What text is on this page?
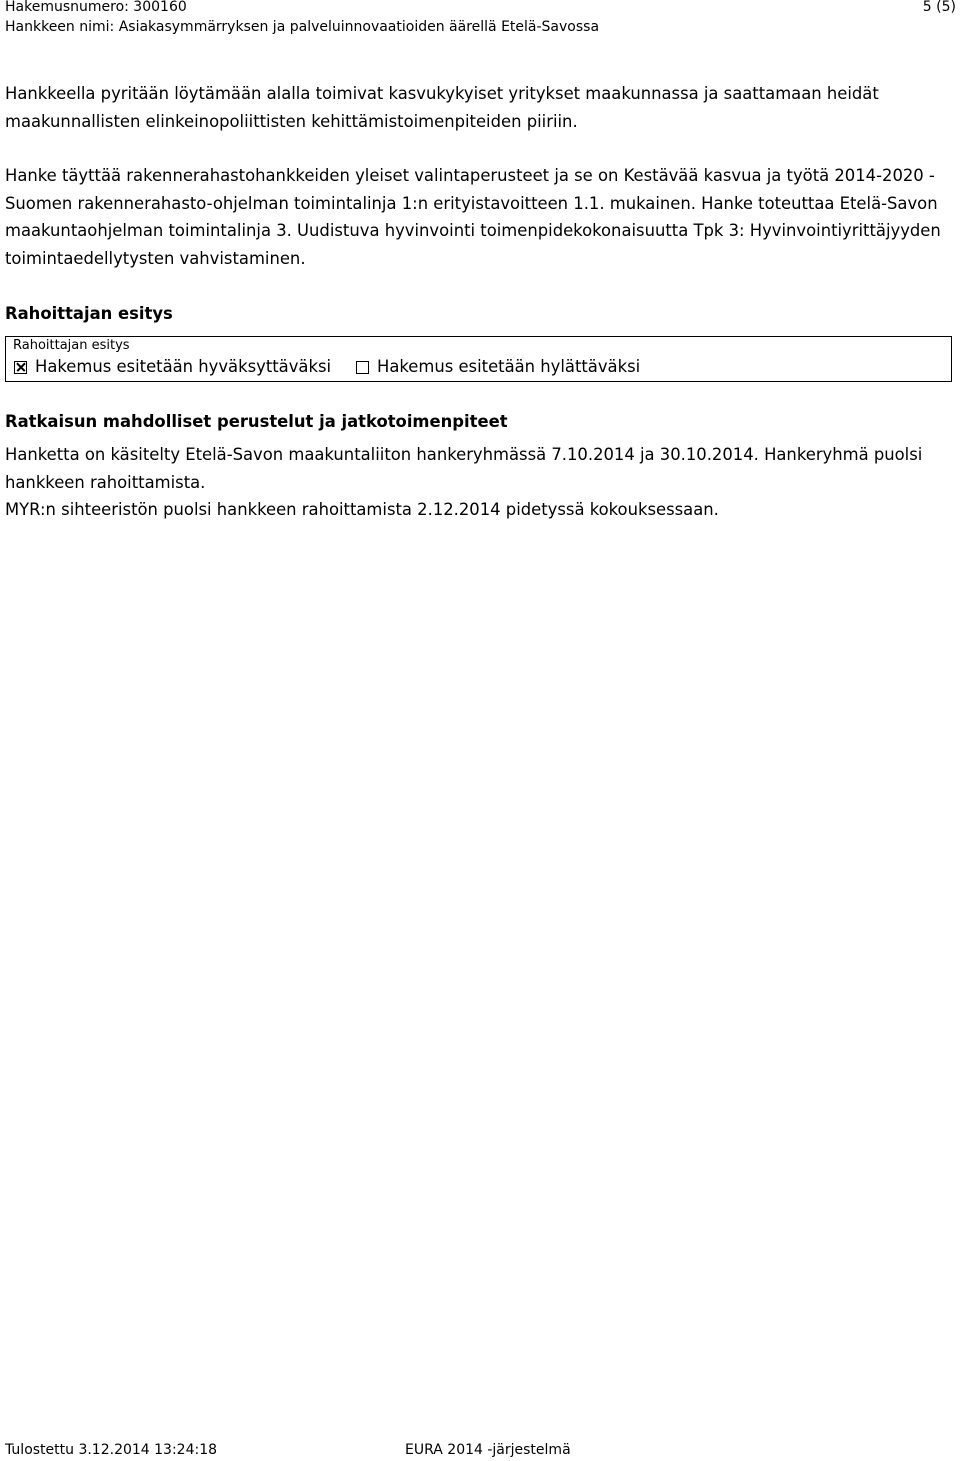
Hakemusnumero: 300160	5 (5)
Hankkeen nimi: Asiakasymmärryksen ja palveluinnovaatioiden äärellä Etelä-Savossa

Hankkeella pyritään löytämään alalla toimivat kasvukykyiset yritykset maakunnassa ja saattamaan heidät maakunnallisten elinkeinopoliittisten kehittämistoimenpiteiden piiriin.

Hanke täyttää rakennerahastohankkeiden yleiset valintaperusteet ja se on Kestävää kasvua ja työtä 2014-2020 - Suomen rakennerahasto-ohjelman toimintalinja 1:n erityistavoitteen 1.1. mukainen. Hanke toteuttaa Etelä-Savon maakuntaohjelman toimintalinja 3. Uudistuva hyvinvointi toimenpidekokonaisuutta Tpk 3: Hyvinvointiyrittäjyyden toimintaedellytysten vahvistaminen.

Rahoittajan esitys
Rahoittajan esitys
Hakemus esitetään hyväksyttäväksi	Hakemus esitetään hylättäväksi
Ratkaisun mahdolliset perustelut ja jatkotoimenpiteet

Hanketta on käsitelty Etelä-Savon maakuntaliiton hankeryhmässä 7.10.2014 ja 30.10.2014. Hankeryhmä puolsi hankkeen rahoittamista.

MYR:n sihteeristön puolsi hankkeen rahoittamista 2.12.2014 pidetyssä kokouksessaan.

Tulostettu 3.12.2014 13:24:18	EURA 2014 -järjestelmä
